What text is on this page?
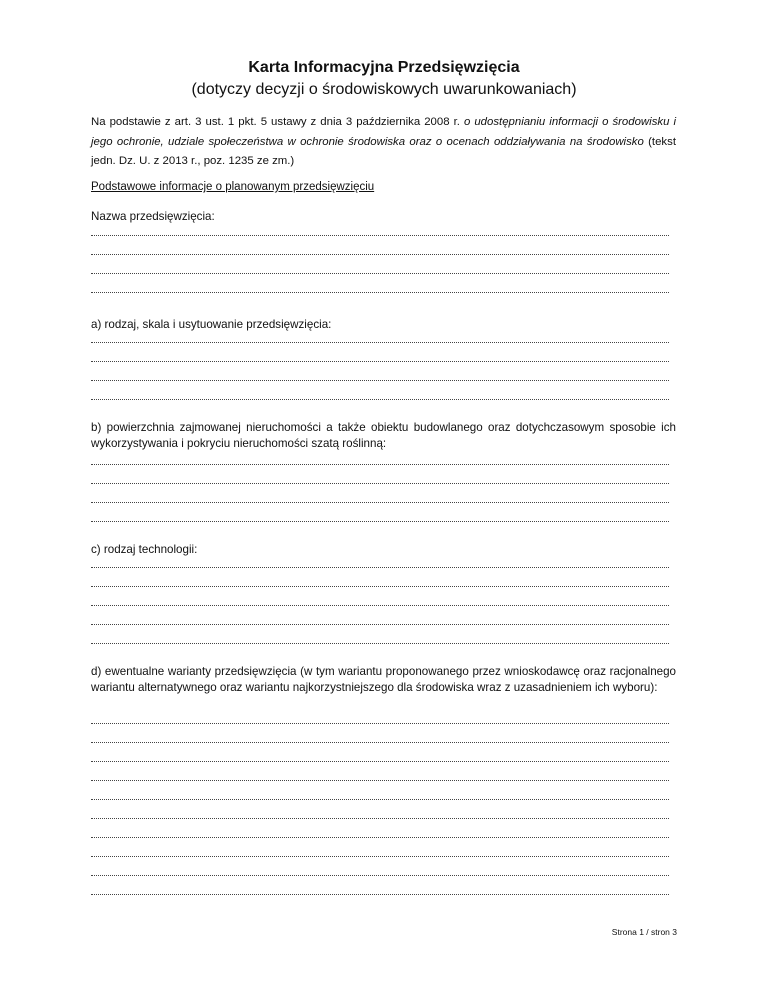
Karta Informacyjna Przedsięwzięcia
(dotyczy decyzji o środowiskowych uwarunkowaniach)
Na podstawie z art. 3 ust. 1 pkt. 5 ustawy z dnia 3 października 2008 r. o udostępnianiu informacji o środowisku i jego ochronie, udziale społeczeństwa w ochronie środowiska oraz o ocenach oddziaływania na środowisko (tekst jedn. Dz. U. z 2013 r., poz. 1235 ze zm.)
Podstawowe informacje o planowanym przedsięwzięciu
Nazwa przedsięwzięcia:
a) rodzaj, skala i usytuowanie przedsięwzięcia:
b) powierzchnia zajmowanej nieruchomości a także obiektu budowlanego oraz dotychczasowym sposobie ich wykorzystywania i pokryciu nieruchomości szatą roślinną:
c) rodzaj technologii:
d) ewentualne warianty przedsięwzięcia (w tym wariantu proponowanego przez wnioskodawcę oraz racjonalnego wariantu alternatywnego oraz wariantu najkorzystniejszego dla środowiska wraz z uzasadnieniem ich wyboru):
Strona 1 / stron 3
